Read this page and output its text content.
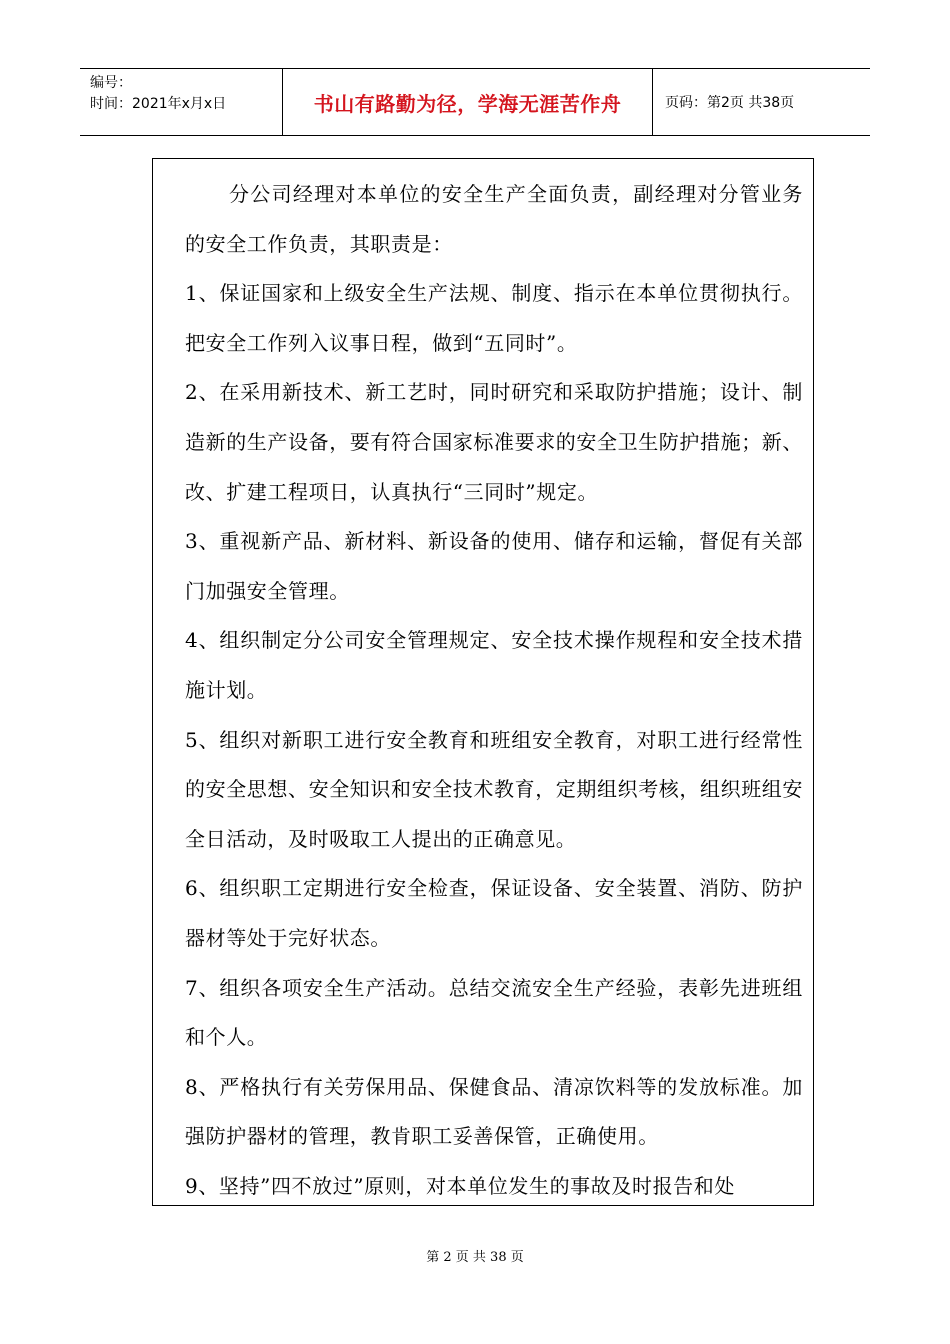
编号：
时间：2021年x月x日	书山有路勤为径，学海无涯苦作舟	页码：第2页 共38页

分公司经理对本单位的安全生产全面负责，副经理对分管业务的安全工作负责，其职责是：

1、保证国家和上级安全生产法规、制度、指示在本单位贯彻执行。把安全工作列入议事日程，做到“五同时”。

2、在采用新技术、新工艺时，同时研究和采取防护措施；设计、制造新的生产设备，要有符合国家标准要求的安全卫生防护措施；新、改、扩建工程项日，认真执行“三同时”规定。

3、重视新产品、新材料、新设备的使用、储存和运输，督促有关部门加强安全管理。

4、组织制定分公司安全管理规定、安全技术操作规程和安全技术措施计划。

5、组织对新职工进行安全教育和班组安全教育，对职工进行经常性的安全思想、安全知识和安全技术教育，定期组织考核，组织班组安全日活动，及时吸取工人提出的正确意见。

6、组织职工定期进行安全检查，保证设备、安全装置、消防、防护器材等处于完好状态。

7、组织各项安全生产活动。总结交流安全生产经验，表彰先进班组和个人。

8、严格执行有关劳保用品、保健食品、清凉饮料等的发放标准。加强防护器材的管理，教肯职工妥善保管，正确使用。

9、坚持”四不放过”原则，对本单位发生的事故及时报告和处

第 2 页 共 38 页
